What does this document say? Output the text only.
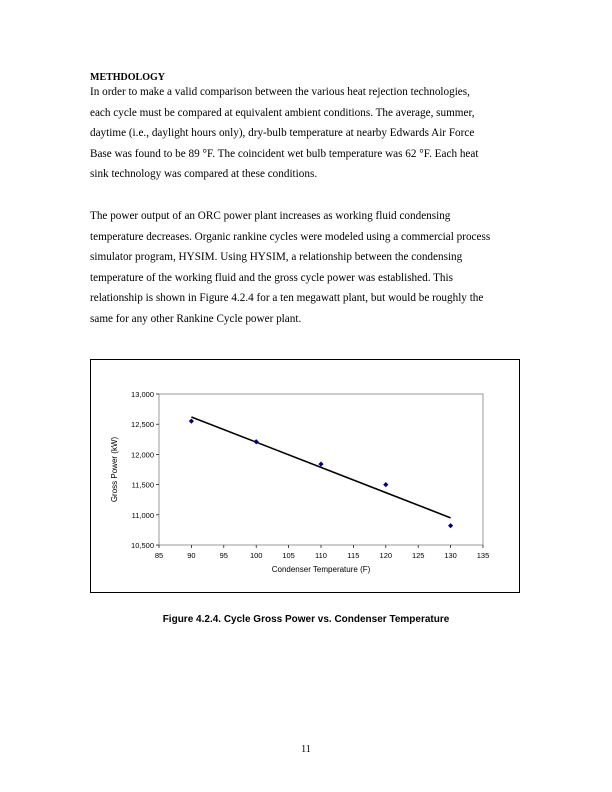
METHDOLOGY
In order to make a valid comparison between the various heat rejection technologies,
each cycle must be compared at equivalent ambient conditions. The average, summer,
daytime (i.e., daylight hours only), dry-bulb temperature at nearby Edwards Air Force
Base was found to be 89 °F. The coincident wet bulb temperature was 62 °F. Each heat
sink technology was compared at these conditions.
The power output of an ORC power plant increases as working fluid condensing
temperature decreases. Organic rankine cycles were modeled using a commercial process
simulator program, HYSIM. Using HYSIM, a relationship between the condensing
temperature of the working fluid and the gross cycle power was established. This
relationship is shown in Figure 4.2.4 for a ten megawatt plant, but would be roughly the
same for any other Rankine Cycle power plant.
10,500
11,000
11,500
12,000
12,500
13,000
85	90	95	100	105	110	115	120	125	130	135
Condenser Temperature (F)
Gross Power (kW)
Figure 4.2.4. Cycle Gross Power vs. Condenser Temperature
11
